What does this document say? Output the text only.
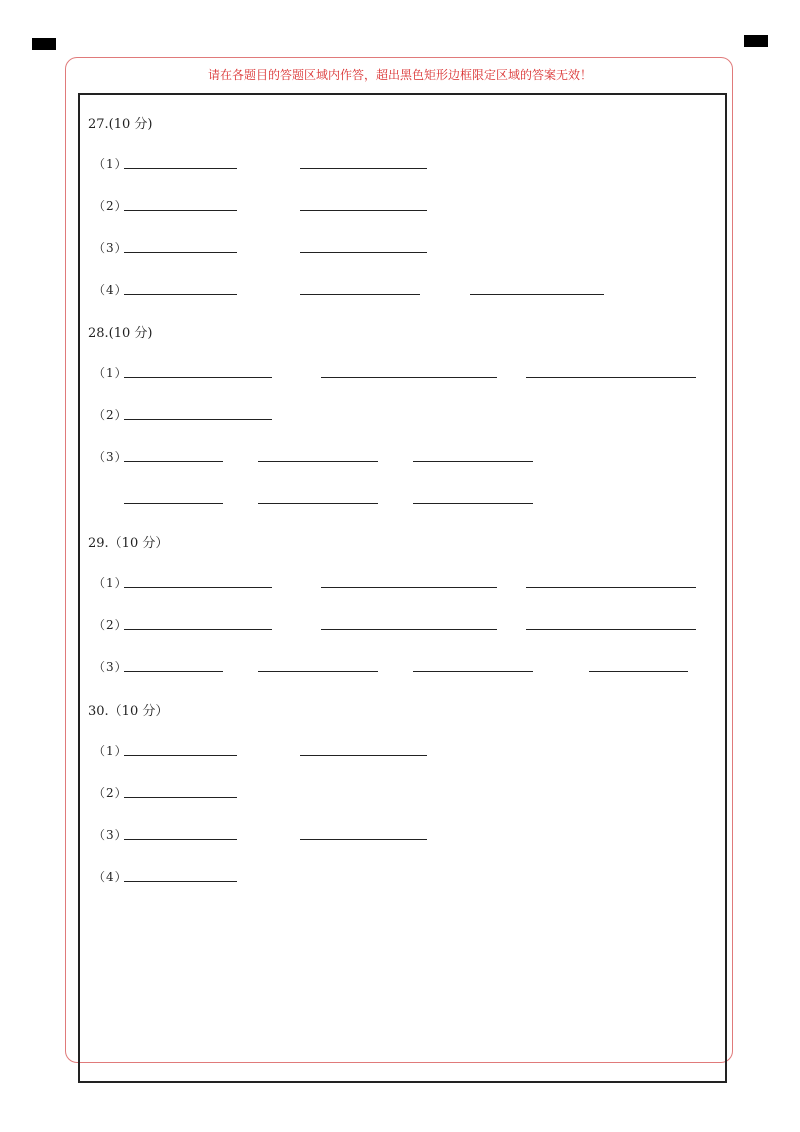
请在各题目的答题区域内作答，超出黑色矩形边框限定区域的答案无效！
27.(10 分)
（1）
（2）
（3）
（4）
28.(10 分)
（1）
（2）
（3）
29.（10 分）
（1）
（2）
（3）
30.（10 分）
（1）
（2）
（3）
（4）
